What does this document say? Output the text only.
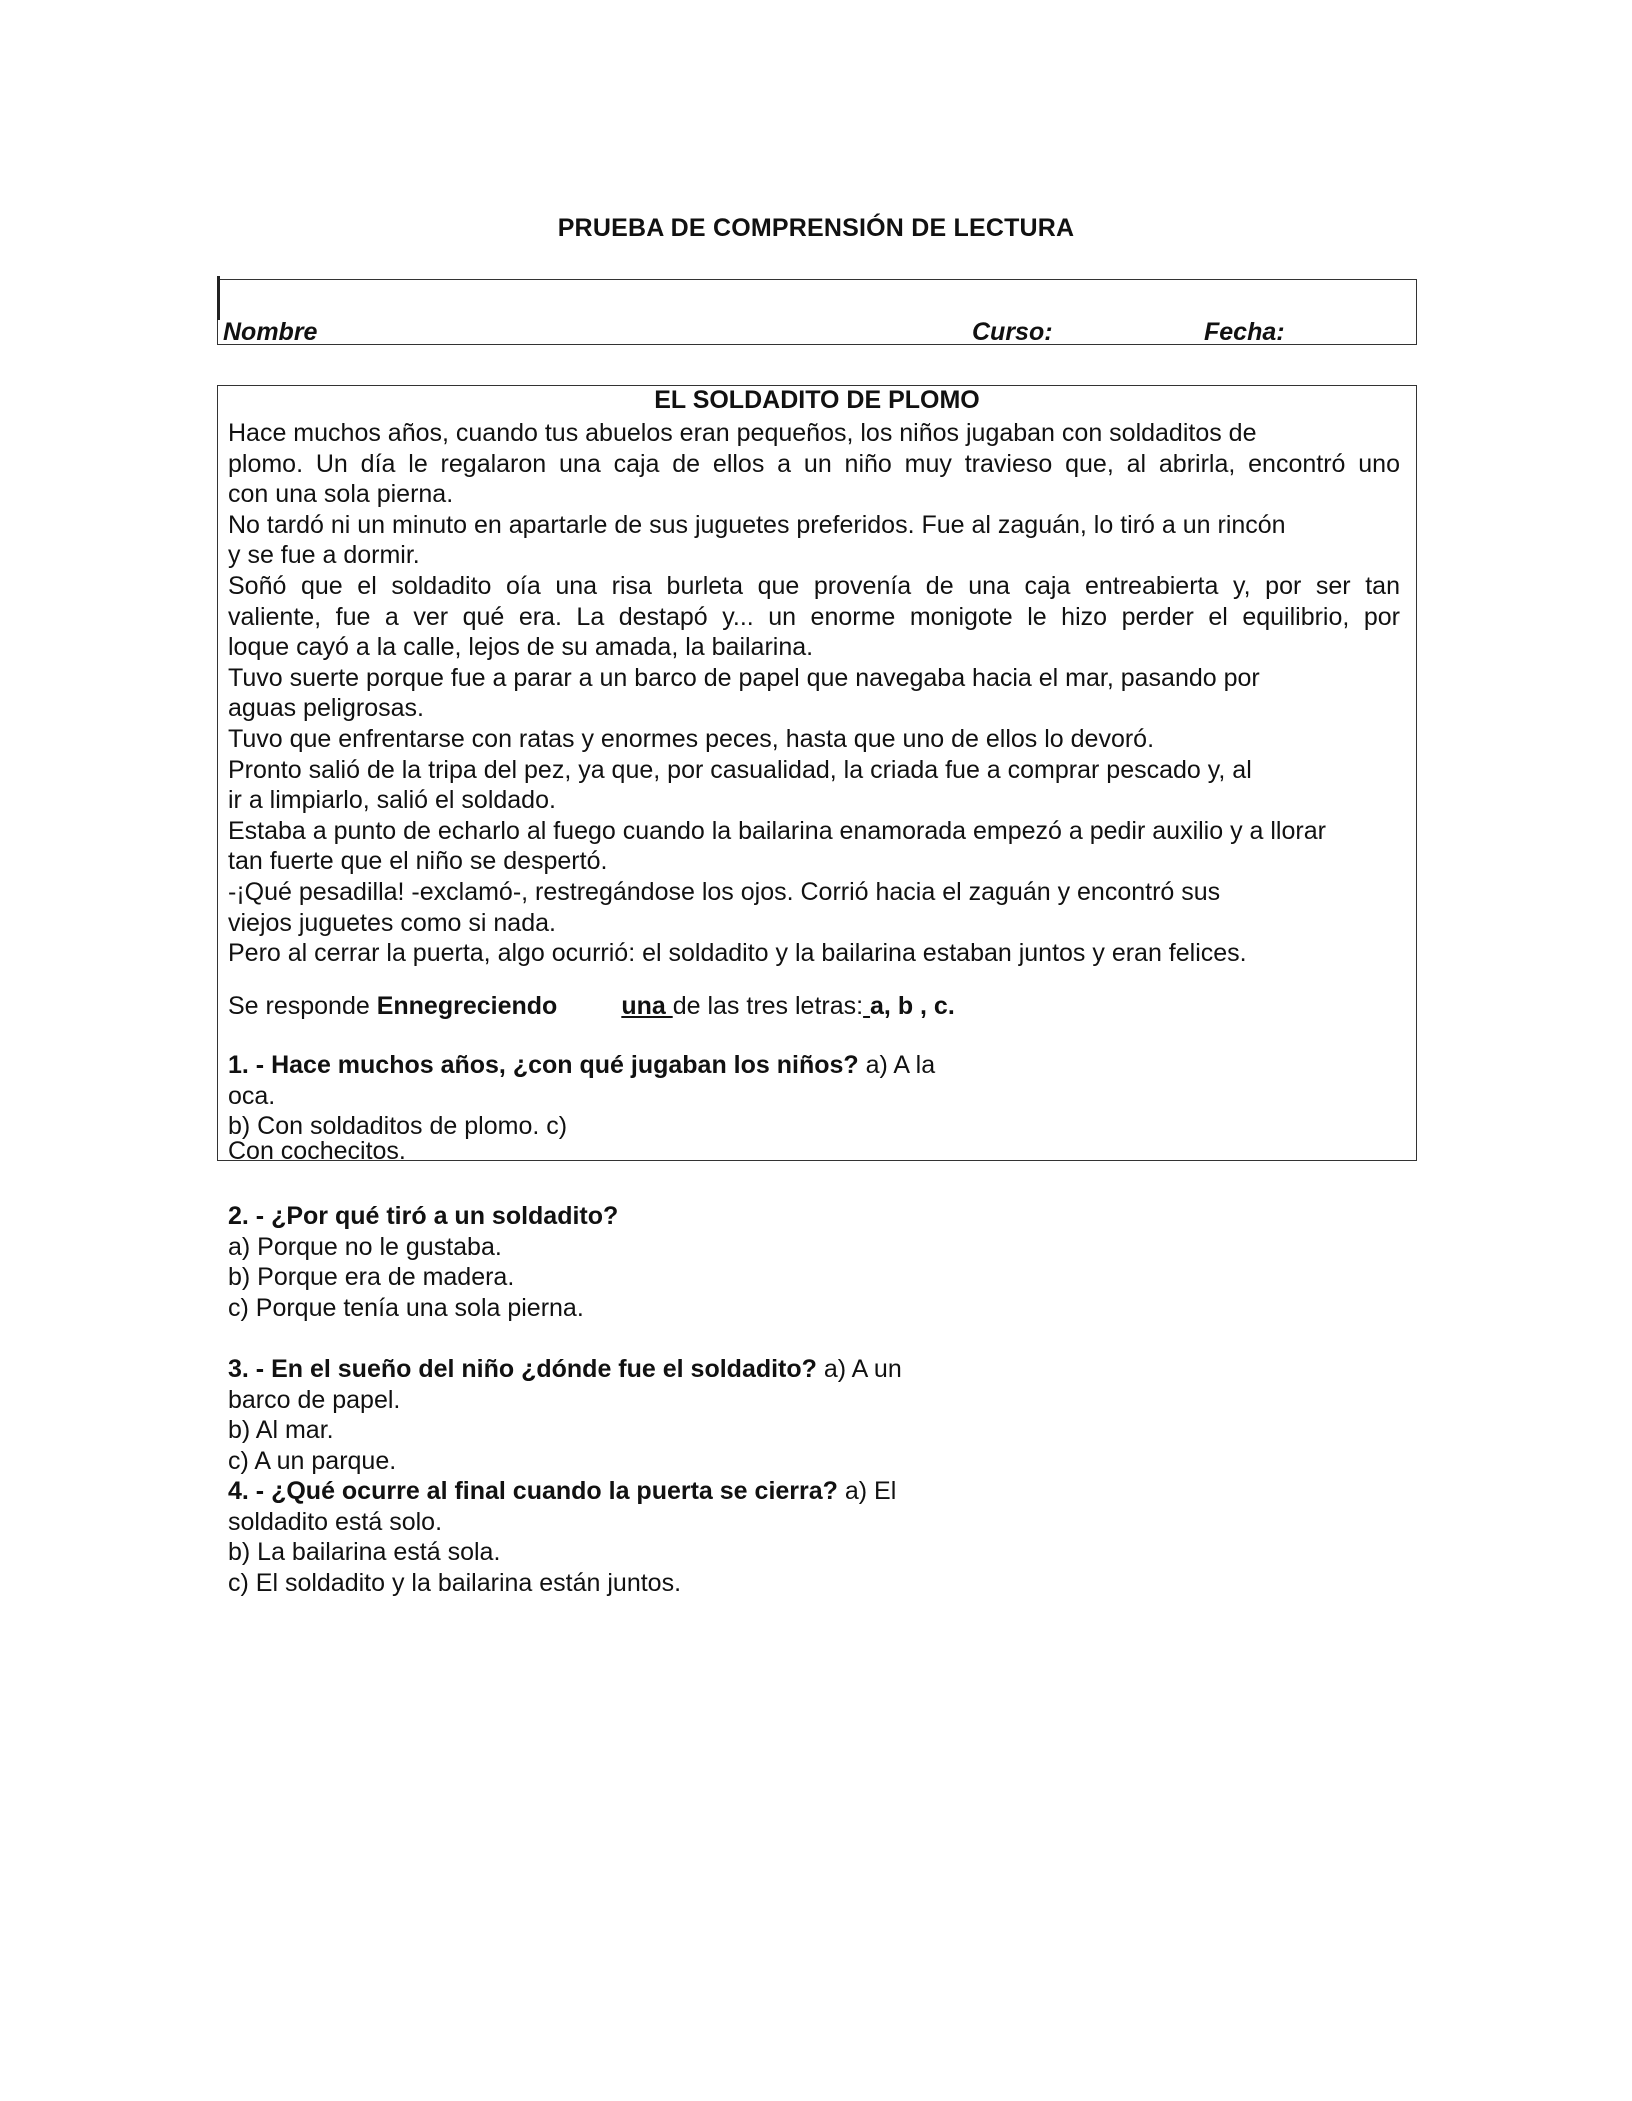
PRUEBA DE COMPRENSIÓN DE LECTURA
Nombre	Curso:	Fecha:
EL SOLDADITO DE PLOMO
Hace muchos años, cuando tus abuelos eran pequeños, los niños jugaban con soldaditos de
plomo. Un día le regalaron una caja de ellos a un niño muy travieso que, al abrirla, encontró uno
con una sola pierna.
No tardó ni un minuto en apartarle de sus juguetes preferidos. Fue al zaguán, lo tiró a un rincón
y se fue a dormir.
Soñó que el soldadito oía una risa burleta que provenía de una caja entreabierta y, por ser tan
valiente, fue a ver qué era. La destapó y... un enorme monigote le hizo perder el equilibrio, por
loque cayó a la calle, lejos de su amada, la bailarina.
Tuvo suerte porque fue a parar a un barco de papel que navegaba hacia el mar, pasando por
aguas peligrosas.
Tuvo que enfrentarse con ratas y enormes peces, hasta que uno de ellos lo devoró.
Pronto salió de la tripa del pez, ya que, por casualidad, la criada fue a comprar pescado y, al
ir a limpiarlo, salió el soldado.
Estaba a punto de echarlo al fuego cuando la bailarina enamorada empezó a pedir auxilio y a llorar
tan fuerte que el niño se despertó.
-¡Qué pesadilla! -exclamó-, restregándose los ojos. Corrió hacia el zaguán y encontró sus
viejos juguetes como si nada.
Pero al cerrar la puerta, algo ocurrió: el soldadito y la bailarina estaban juntos y eran felices.
Se responde Ennegreciendo	una de las tres letras: a, b , c.
1. - Hace muchos años, ¿con qué jugaban los niños? a) A la
oca.
b) Con soldaditos de plomo. c)
Con cochecitos.
2. - ¿Por qué tiró a un soldadito?
a) Porque no le gustaba.
b) Porque era de madera.
c) Porque tenía una sola pierna.
3. - En el sueño del niño ¿dónde fue el soldadito? a) A un
barco de papel.
b) Al mar.
c) A un parque.
4. - ¿Qué ocurre al final cuando la puerta se cierra? a) El
soldadito está solo.
b) La bailarina está sola.
c) El soldadito y la bailarina están juntos.
